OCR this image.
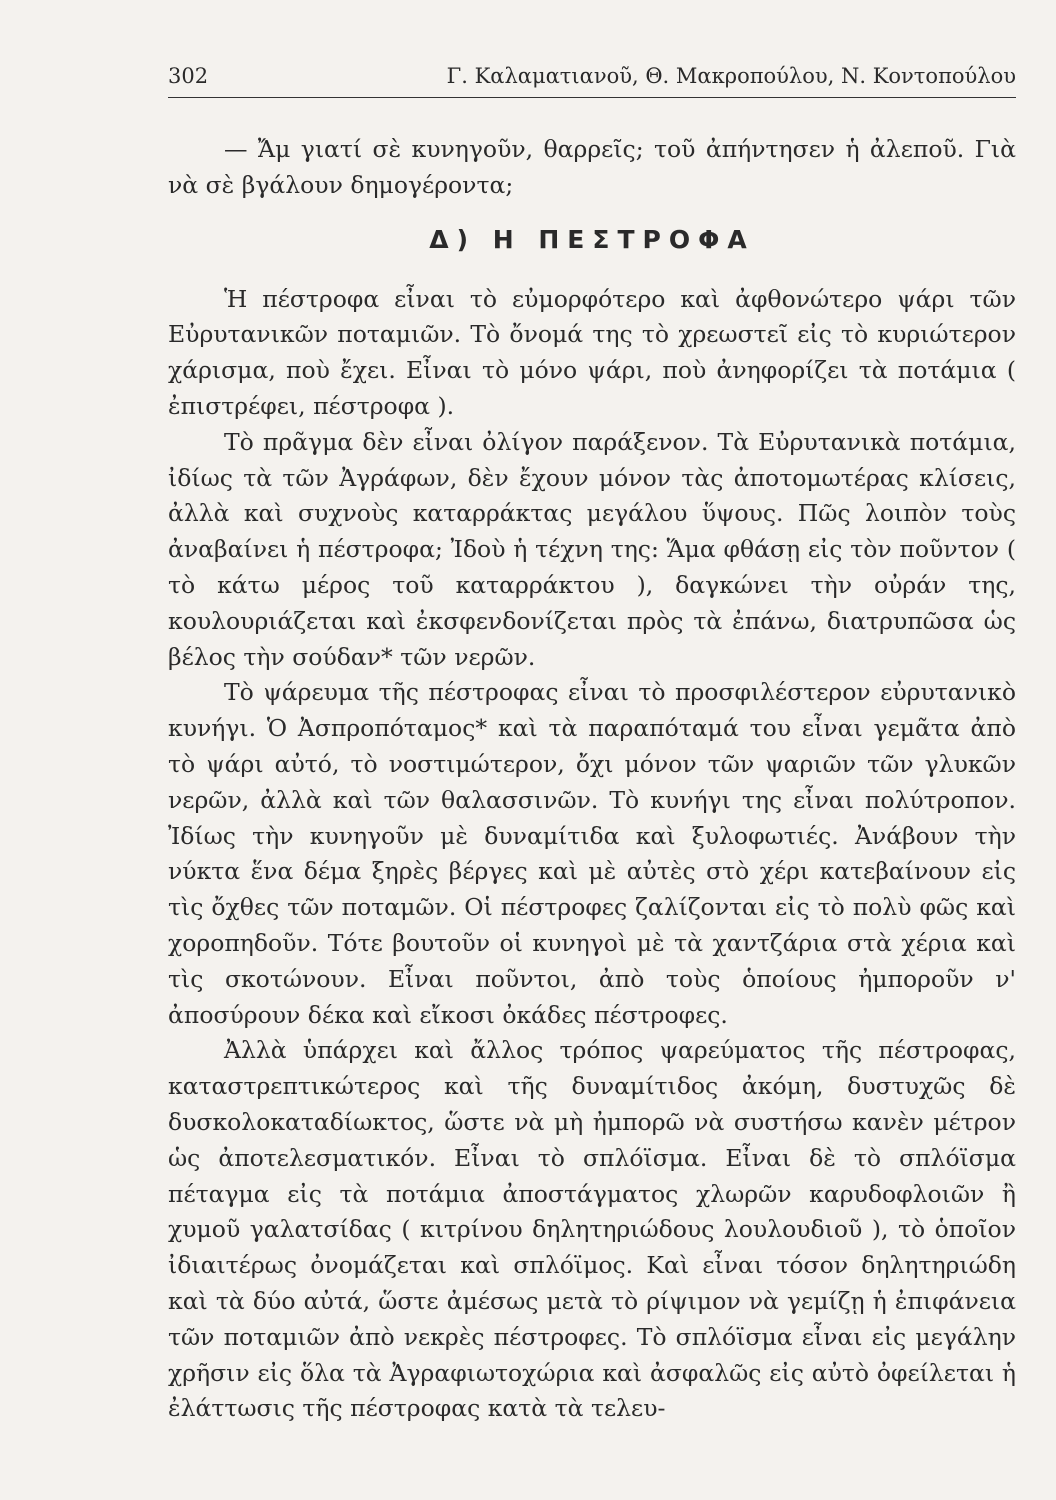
302	Γ. Καλαματιανοῦ, Θ. Μακροπούλου, Ν. Κοντοπούλου

— Ἄμ γιατί σὲ κυνηγοῦν, θαρρεῖς; τοῦ ἀπήντησεν ἡ ἀλεποῦ. Γιὰ νὰ σὲ βγάλουν δημογέροντα;

Δ) Η ΠΕΣΤΡΟΦΑ

Ἡ πέστροφα εἶναι τὸ εὐμορφότερο καὶ ἀφθονώτερο ψάρι τῶν Εὐρυτανικῶν ποταμιῶν. Τὸ ὄνομά της τὸ χρεωστεῖ εἰς τὸ κυριώτερον χάρισμα, ποὺ ἔχει. Εἶναι τὸ μόνο ψάρι, ποὺ ἀνηφορίζει τὰ ποτάμια ( ἐπιστρέφει, πέστροφα ).

Τὸ πρᾶγμα δὲν εἶναι ὀλίγον παράξενον. Τὰ Εὐρυτανικὰ ποτάμια, ἰδίως τὰ τῶν Ἀγράφων, δὲν ἔχουν μόνον τὰς ἀποτομωτέρας κλίσεις, ἀλλὰ καὶ συχνοὺς καταρράκτας μεγάλου ὕψους. Πῶς λοιπὸν τοὺς ἀναβαίνει ἡ πέστροφα; Ἰδοὺ ἡ τέχνη της: Ἅμα φθάσῃ εἰς τὸν ποῦντον ( τὸ κάτω μέρος τοῦ καταρράκτου ), δαγκώνει τὴν οὐράν της, κουλουριάζεται καὶ ἐκσφενδονίζεται πρὸς τὰ ἐπάνω, διατρυπῶσα ὡς βέλος τὴν σούδαν* τῶν νερῶν.

Τὸ ψάρευμα τῆς πέστροφας εἶναι τὸ προσφιλέστερον εὐρυτανικὸ κυνήγι. Ὁ Ἀσπροπόταμος* καὶ τὰ παραπόταμά του εἶναι γεμᾶτα ἀπὸ τὸ ψάρι αὐτό, τὸ νοστιμώτερον, ὄχι μόνον τῶν ψαριῶν τῶν γλυκῶν νερῶν, ἀλλὰ καὶ τῶν θαλασσινῶν. Τὸ κυνήγι της εἶναι πολύτροπον. Ἰδίως τὴν κυνηγοῦν μὲ δυναμίτιδα καὶ ξυλοφωτιές. Ἀνάβουν τὴν νύκτα ἕνα δέμα ξηρὲς βέργες καὶ μὲ αὐτὲς στὸ χέρι κατεβαίνουν εἰς τὶς ὄχθες τῶν ποταμῶν. Οἱ πέστροφες ζαλίζονται εἰς τὸ πολὺ φῶς καὶ χοροπηδοῦν. Τότε βουτοῦν οἱ κυνηγοὶ μὲ τὰ χαντζάρια στὰ χέρια καὶ τὶς σκοτώνουν. Εἶναι ποῦντοι, ἀπὸ τοὺς ὁποίους ἠμποροῦν ν' ἀποσύρουν δέκα καὶ εἴκοσι ὀκάδες πέστροφες.

Ἀλλὰ ὑπάρχει καὶ ἄλλος τρόπος ψαρεύματος τῆς πέστροφας, καταστρεπτικώτερος καὶ τῆς δυναμίτιδος ἀκόμη, δυστυχῶς δὲ δυσκολοκαταδίωκτος, ὥστε νὰ μὴ ἠμπορῶ νὰ συστήσω κανὲν μέτρον ὡς ἀποτελεσματικόν. Εἶναι τὸ σπλόϊσμα. Εἶναι δὲ τὸ σπλόϊσμα πέταγμα εἰς τὰ ποτάμια ἀποστάγματος χλωρῶν καρυδοφλοιῶν ἢ χυμοῦ γαλατσίδας ( κιτρίνου δηλητηριώδους λουλουδιοῦ ), τὸ ὁποῖον ἰδιαιτέρως ὀνομάζεται καὶ σπλόϊμος. Καὶ εἶναι τόσον δηλητηριώδη καὶ τὰ δύο αὐτά, ὥστε ἀμέσως μετὰ τὸ ρίψιμον νὰ γεμίζῃ ἡ ἐπιφάνεια τῶν ποταμιῶν ἀπὸ νεκρὲς πέστροφες. Τὸ σπλόϊσμα εἶναι εἰς μεγάλην χρῆσιν εἰς ὅλα τὰ Ἀγραφιωτοχώρια καὶ ἀσφαλῶς εἰς αὐτὸ ὀφείλεται ἡ ἐλάττωσις τῆς πέστροφας κατὰ τὰ τελευ-
